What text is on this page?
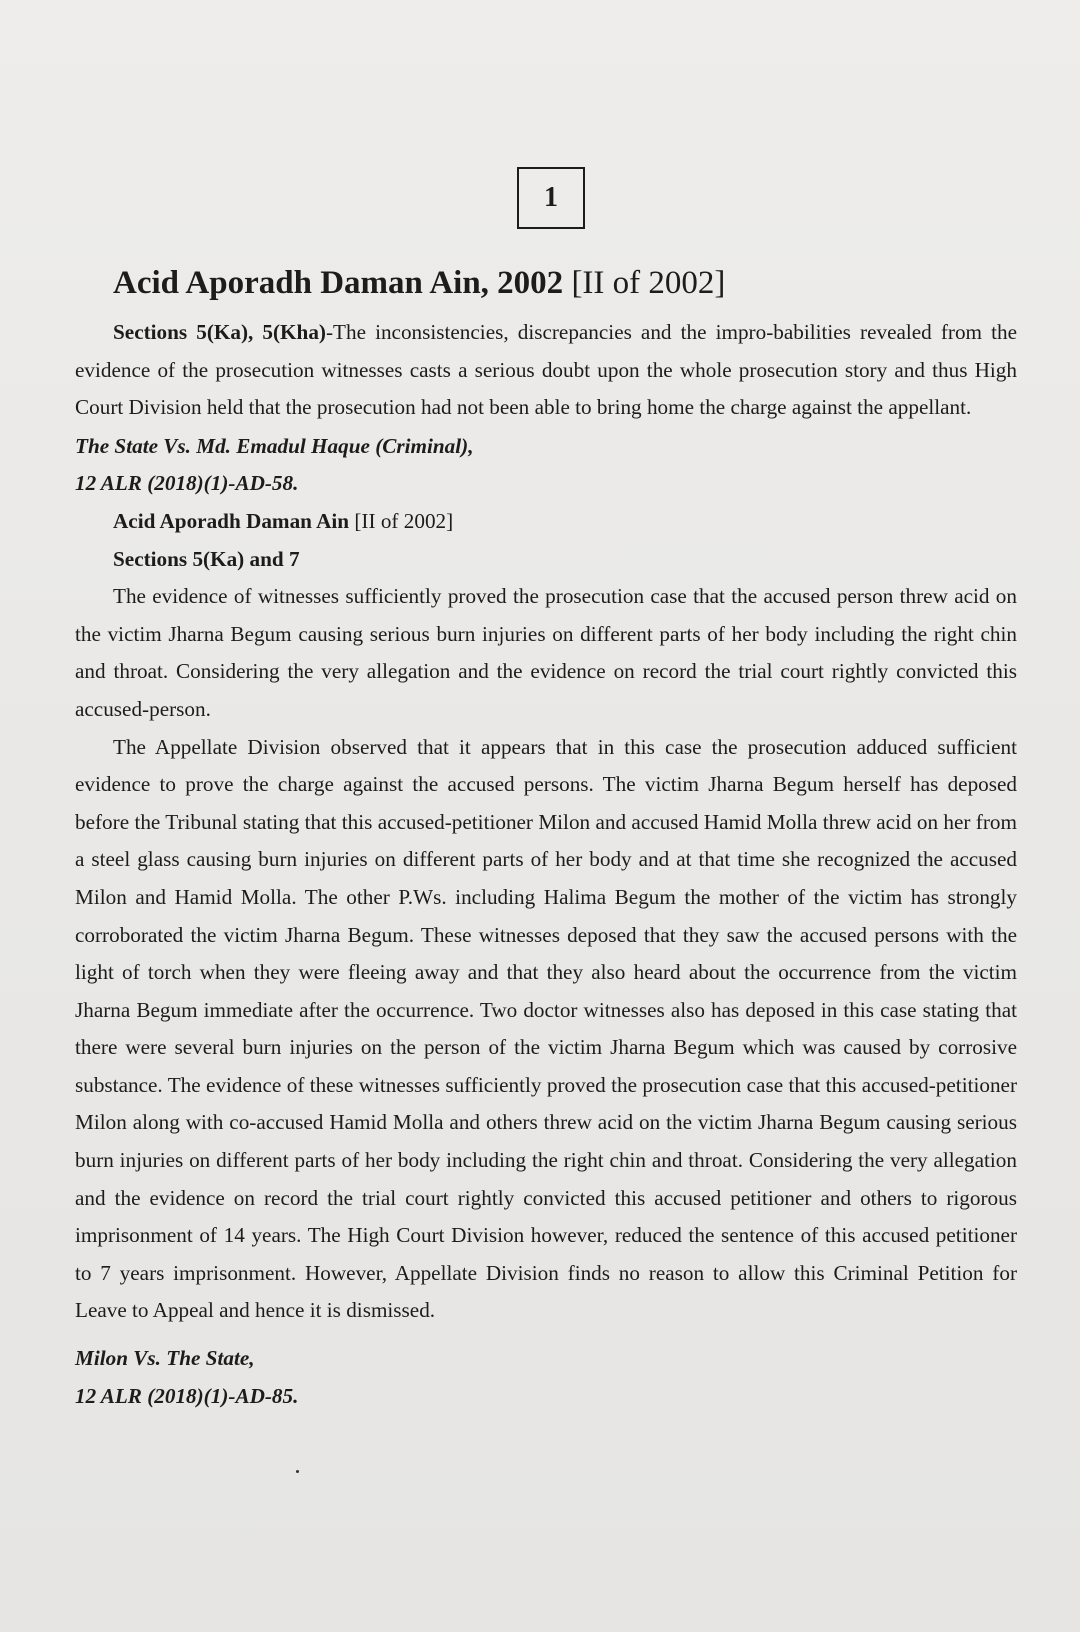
1
Acid Aporadh Daman Ain, 2002 [II of 2002]

Sections 5(Ka), 5(Kha)-The inconsistencies, discrepancies and the impro-babilities revealed from the evidence of the prosecution witnesses casts a serious doubt upon the whole prosecution story and thus High Court Division held that the prosecution had not been able to bring home the charge against the appellant.

The State Vs. Md. Emadul Haque (Criminal),

12 ALR (2018)(1)-AD-58.

Acid Aporadh Daman Ain [II of 2002]
Sections 5(Ka) and 7

The evidence of witnesses sufficiently proved the prosecution case that the accused person threw acid on the victim Jharna Begum causing serious burn injuries on different parts of her body including the right chin and throat. Considering the very allegation and the evidence on record the trial court rightly convicted this accused-person.

The Appellate Division observed that it appears that in this case the prosecution adduced sufficient evidence to prove the charge against the accused persons. The victim Jharna Begum herself has deposed before the Tribunal stating that this accused-petitioner Milon and accused Hamid Molla threw acid on her from a steel glass causing burn injuries on different parts of her body and at that time she recognized the accused Milon and Hamid Molla. The other P.Ws. including Halima Begum the mother of the victim has strongly corroborated the victim Jharna Begum. These witnesses deposed that they saw the accused persons with the light of torch when they were fleeing away and that they also heard about the occurrence from the victim Jharna Begum immediate after the occurrence. Two doctor witnesses also has deposed in this case stating that there were several burn injuries on the person of the victim Jharna Begum which was caused by corrosive substance. The evidence of these witnesses sufficiently proved the prosecution case that this accused-petitioner Milon along with co-accused Hamid Molla and others threw acid on the victim Jharna Begum causing serious burn injuries on different parts of her body including the right chin and throat. Considering the very allegation and the evidence on record the trial court rightly convicted this accused petitioner and others to rigorous imprisonment of 14 years. The High Court Division however, reduced the sentence of this accused petitioner to 7 years imprisonment. However, Appellate Division finds no reason to allow this Criminal Petition for Leave to Appeal and hence it is dismissed.

Milon Vs. The State,

12 ALR (2018)(1)-AD-85.
